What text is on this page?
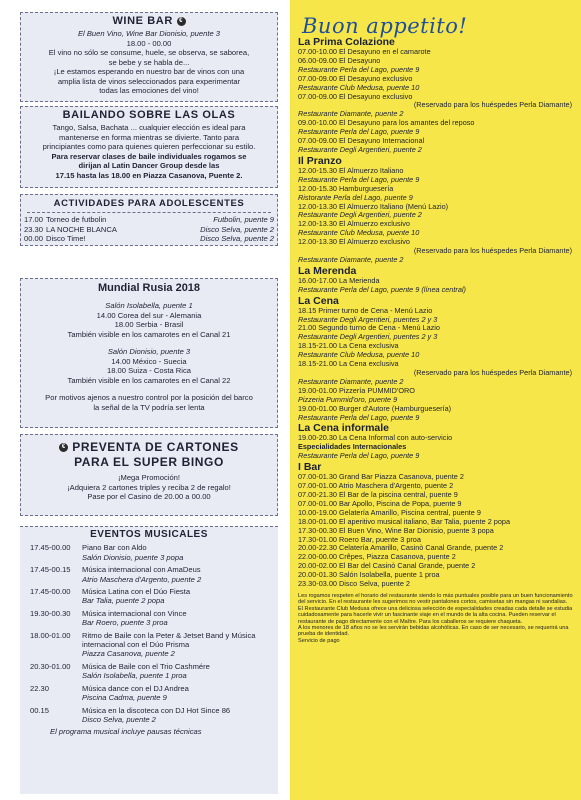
WINE BAR €
El Buen Vino, Wine Bar Dionisio, puente 3
18.00 - 00.00
El vino no sólo se consume, huele, se observa, se saborea,
se bebe y se habla de...
¡Le estamos esperando en nuestro bar de vinos con una
amplia lista de vinos seleccionados para experimentar
todas las emociones del vino!
BAILANDO SOBRE LAS OLAS
Tango, Salsa, Bachata ... cualquier elección es ideal para
mantenerse en forma mientras se divierte. Tanto para
principiantes como para quienes quieren perfeccionar su estilo.
Para reservar clases de baile individuales rogamos se
dirijan al Latin Dancer Group desde las
17.15 hasta las 18.00 en Piazza Casanova, Puente 2.
ACTIVIDADES PARA ADOLESCENTES
17.00 Torneo de futbolin	Futbolin, puente 9
23.30 LA NOCHE BLANCA	Disco Selva, puente 2
00.00 Disco Time!	Disco Selva, puente 2
Mundial Rusia 2018
Salón Isolabella, puente 1
14.00 Corea del sur - Alemania
18.00 Serbia - Brasil
También visible en los camarotes en el Canal 21
Salón Dionisio, puente 3
14.00 México - Suecia
18.00 Suiza - Costa Rica
También visible en los camarotes en el Canal 22
Por motivos ajenos a nuestro control por la posición del barco
la señal de la TV podría ser lenta
€ PREVENTA DE CARTONES
PARA EL SUPER BINGO
¡Mega Promoción!
¡Adquiera 2 cartones triples y reciba 2 de regalo!
Pase por el Casino de 20.00 a 00.00
EVENTOS MUSICALES
17.45-00.00	Piano Bar con Aldo
Salón Dionisio, puente 3 popa
17.45-00.15	Música internacional con AmaDeus
Atrio Maschera d'Argento, puente 2
17.45-00.00	Música Latina con el Dúo Fiesta
Bar Talia, puente 2 popa
19.30-00.30	Música internacional con Vince
Bar Roero, puente 3 proa
18.00-01.00	Ritmo de Baile con la Peter & Jetset Band y Música internacional con el Dúo Prisma
Piazza Casanova, puente 2
20.30-01.00	Música de Baile con el Trio Cashmére
Salón Isolabella, puente 1 proa
22.30	Música dance con el DJ Andrea
Piscina Cadma, puente 9
00.15	Música en la discoteca con DJ Hot Since 86
Disco Selva, puente 2
El programa musical incluye pausas técnicas
Buon appetito!
La Prima Colazione
07.00-10.00 El Desayuno en el camarote
06.00-09.00 El Desayuno
Restaurante Perla del Lago, puente 9
07.00-09.00 El Desayuno exclusivo
Restaurante Club Medusa, puente 10
07.00-09.00 El Desayuno exclusivo
(Reservado para los huéspedes Perla Diamante)
Restaurante Diamante, puente 2
09.00-10.00 El Desayuno para los amantes del reposo
Restaurante Perla del Lago, puente 9
07.00-09.00 El Desayuno Internacional
Restaurante Degli Argentieri, puente 2
Il Pranzo
12.00-15.30 El Almuerzo Italiano
Restaurante Perla del Lago, puente 9
12.00-15.30 Hamburguesería
Ristorante Perla del Lago, puente 9
12.00-13.30 El Almuerzo Italiano (Menú Lazio)
Restaurante Degli Argentieri, puente 2
12.00-13.30 El Almuerzo exclusivo
Restaurante Club Medusa, puente 10
12.00-13.30 El Almuerzo exclusivo
(Reservado para los huéspedes Perla Diamante)
Restaurante Diamante, puente 2
La Merenda
16.00-17.00 La Merienda
Restaurante Perla del Lago, puente 9 (línea central)
La Cena
18.15 Primer turno de Cena - Menú Lazio
Restaurante Degli Argentieri, puentes 2 y 3
21.00 Segundo turno de Cena - Menú Lazio
Restaurante Degli Argentieri, puentes 2 y 3
18.15-21.00 La Cena exclusiva
Restaurante Club Medusa, puente 10
18.15-21.00 La Cena exclusiva
(Reservado para los huéspedes Perla Diamante)
Restaurante Diamante, puente 2
19.00-01.00 Pizzería PUMMID'ORO
Pizzeria Pummid'oro, puente 9
19.00-01.00 Burger d'Autore (Hamburguesería)
Restaurante Perla del Lago, puente 9
La Cena informale
19.00-20.30 La Cena Informal con auto-servicio
Especialidades Internacionales
Restaurante Perla del Lago, puente 9
I Bar
07.00-01.30 Grand Bar Piazza Casanova, puente 2
07.00-01.00 Atrio Maschera d'Argento, puente 2
07.00-21.30 El Bar de la piscina central, puente 9
07.00-01.00 Bar Apollo, Piscina de Popa, puente 9
10.00-19.00 Gelatería Amarillo, Piscina central, puente 9
18.00-01.00 El aperitivo musical italiano, Bar Talia, puente 2 popa
17.30-00.30 El Buen Vino, Wine Bar Dionisio, puente 3 popa
17.30-01.00 Roero Bar, puente 3 proa
20.00-22.30 Celatería Amarillo, Casinò Canal Grande, puente 2
22.00-00.00 Crêpes, Piazza Casanova, puente 2
20.00-02.00 El Bar del Casinò Canal Grande, puente 2
20.00-01.30 Salón Isolabella, puente 1 proa
23.30-03.00 Disco Selva, puente 2
Les rogamos respeten el horario del restaurante siendo lo más puntuales posible para un buen funcionamiento del servicio. En el restaurante les sugerimos no vestir pantalones cortos, camisetas sin mangas ni sandalias.
El Restaurante Club Medusa ofrece una deliciosa selección de especialidades creadas cada detalle se estudia cuidadosamente para hacerle vivir un fascinante viaje en el mundo de la alta cocina. Pueden reservar el restaurante de pago directamente con el Maître. Para los caballeros se requiere chaqueta.
A los menores de 18 años no se les servirán bebidas alcohólicas. En caso de ser necesario, se requerirá una prueba de identidad.
Servicio de pago
